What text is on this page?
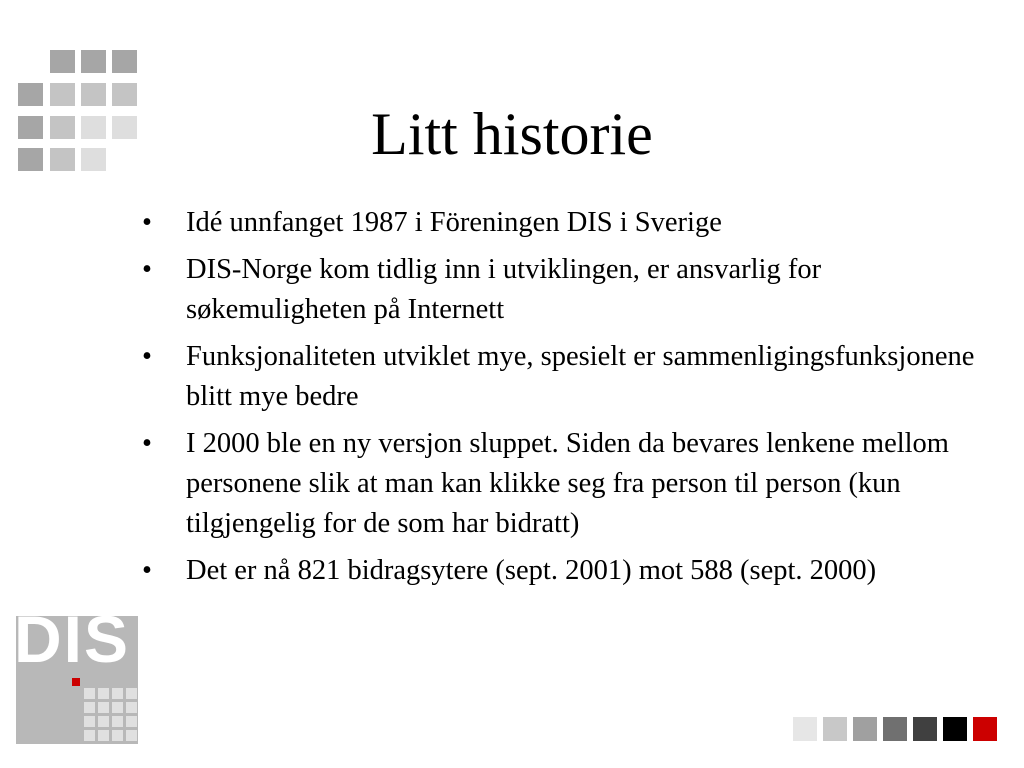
Litt historie
• Idé unnfanget 1987 i Föreningen DIS i Sverige
• DIS-Norge kom tidlig inn i utviklingen, er ansvarlig for søkemuligheten på Internett
• Funksjonaliteten utviklet mye, spesielt er sammenligingsfunksjonene blitt mye bedre
• I 2000 ble en ny versjon sluppet. Siden da bevares lenkene mellom personene slik at man kan klikke seg fra person til person (kun tilgjengelig for de som har bidratt)
• Det er nå 821 bidragsytere (sept. 2001) mot 588 (sept. 2000)
DIS
